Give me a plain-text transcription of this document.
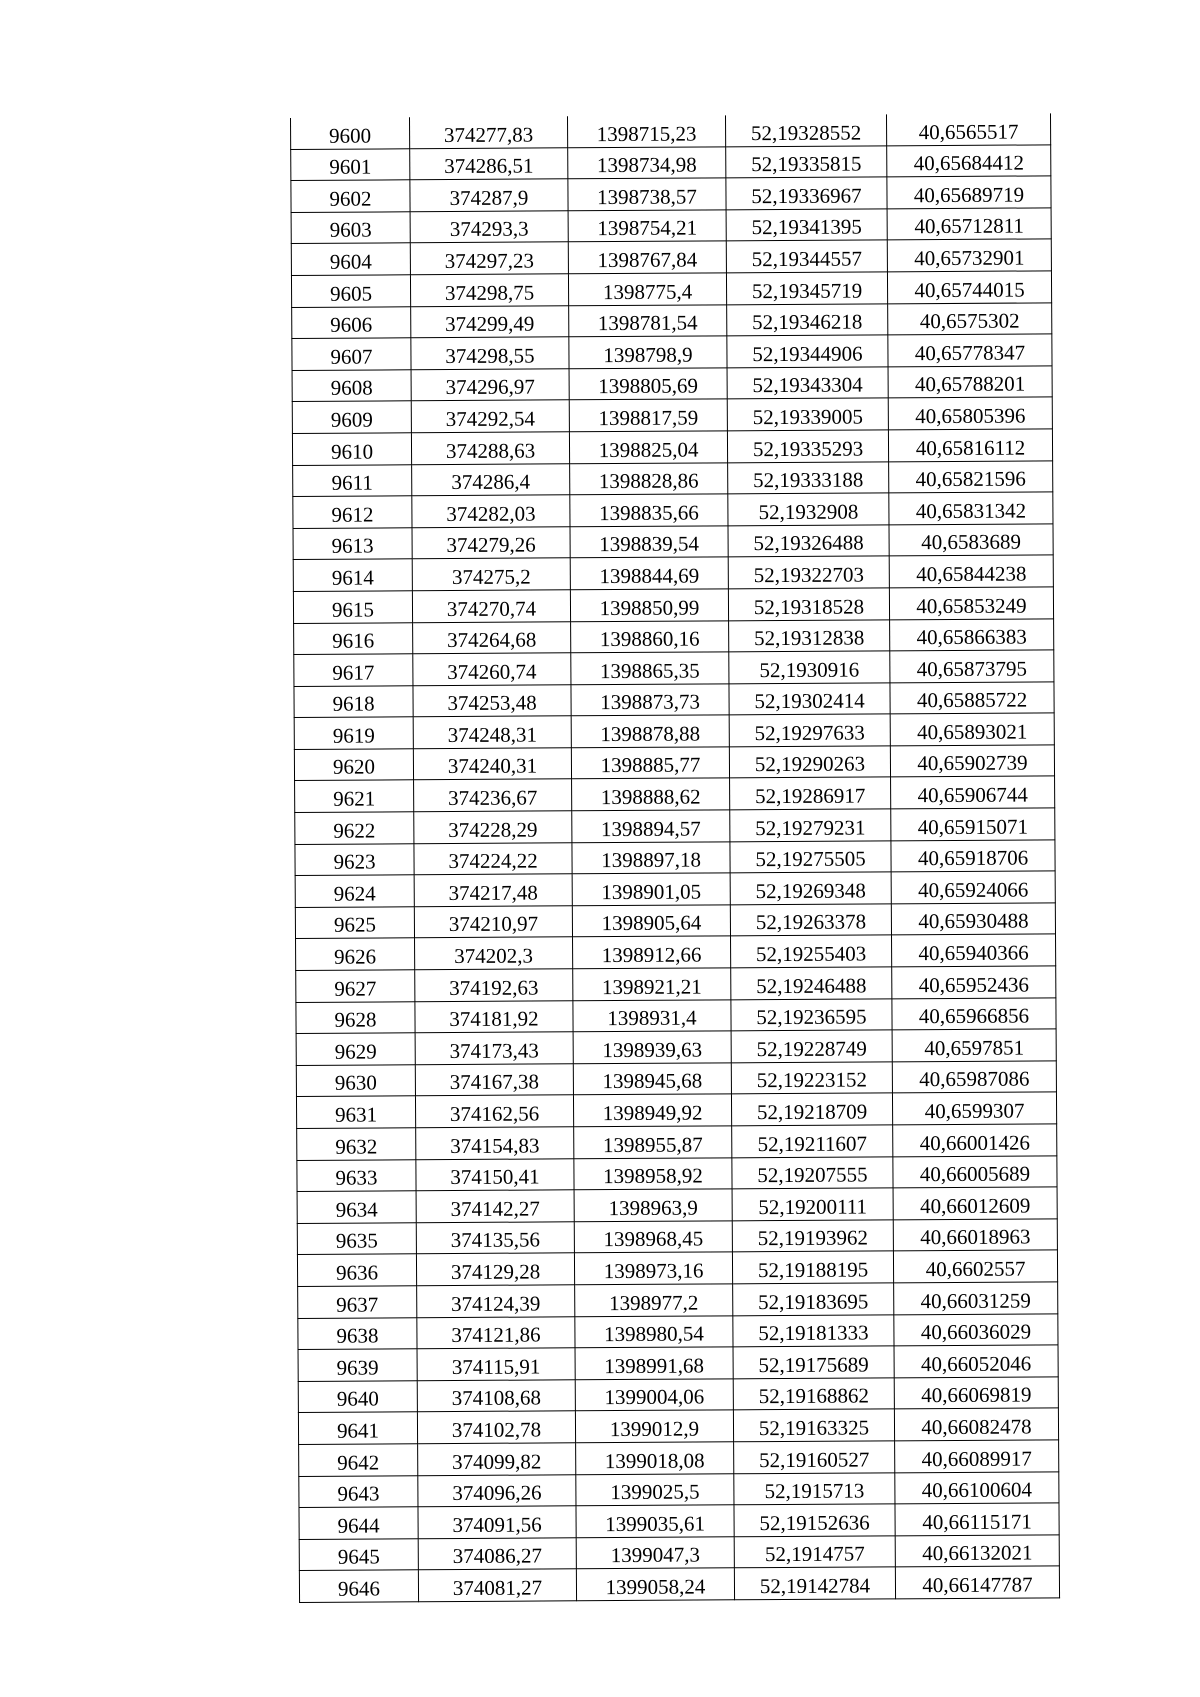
9600	374277,83	1398715,23	52,19328552	40,6565517
9601	374286,51	1398734,98	52,19335815	40,65684412
9602	374287,9	1398738,57	52,19336967	40,65689719
9603	374293,3	1398754,21	52,19341395	40,65712811
9604	374297,23	1398767,84	52,19344557	40,65732901
9605	374298,75	1398775,4	52,19345719	40,65744015
9606	374299,49	1398781,54	52,19346218	40,6575302
9607	374298,55	1398798,9	52,19344906	40,65778347
9608	374296,97	1398805,69	52,19343304	40,65788201
9609	374292,54	1398817,59	52,19339005	40,65805396
9610	374288,63	1398825,04	52,19335293	40,65816112
9611	374286,4	1398828,86	52,19333188	40,65821596
9612	374282,03	1398835,66	52,1932908	40,65831342
9613	374279,26	1398839,54	52,19326488	40,6583689
9614	374275,2	1398844,69	52,19322703	40,65844238
9615	374270,74	1398850,99	52,19318528	40,65853249
9616	374264,68	1398860,16	52,19312838	40,65866383
9617	374260,74	1398865,35	52,1930916	40,65873795
9618	374253,48	1398873,73	52,19302414	40,65885722
9619	374248,31	1398878,88	52,19297633	40,65893021
9620	374240,31	1398885,77	52,19290263	40,65902739
9621	374236,67	1398888,62	52,19286917	40,65906744
9622	374228,29	1398894,57	52,19279231	40,65915071
9623	374224,22	1398897,18	52,19275505	40,65918706
9624	374217,48	1398901,05	52,19269348	40,65924066
9625	374210,97	1398905,64	52,19263378	40,65930488
9626	374202,3	1398912,66	52,19255403	40,65940366
9627	374192,63	1398921,21	52,19246488	40,65952436
9628	374181,92	1398931,4	52,19236595	40,65966856
9629	374173,43	1398939,63	52,19228749	40,6597851
9630	374167,38	1398945,68	52,19223152	40,65987086
9631	374162,56	1398949,92	52,19218709	40,6599307
9632	374154,83	1398955,87	52,19211607	40,66001426
9633	374150,41	1398958,92	52,19207555	40,66005689
9634	374142,27	1398963,9	52,19200111	40,66012609
9635	374135,56	1398968,45	52,19193962	40,66018963
9636	374129,28	1398973,16	52,19188195	40,6602557
9637	374124,39	1398977,2	52,19183695	40,66031259
9638	374121,86	1398980,54	52,19181333	40,66036029
9639	374115,91	1398991,68	52,19175689	40,66052046
9640	374108,68	1399004,06	52,19168862	40,66069819
9641	374102,78	1399012,9	52,19163325	40,66082478
9642	374099,82	1399018,08	52,19160527	40,66089917
9643	374096,26	1399025,5	52,1915713	40,66100604
9644	374091,56	1399035,61	52,19152636	40,66115171
9645	374086,27	1399047,3	52,1914757	40,66132021
9646	374081,27	1399058,24	52,19142784	40,66147787
